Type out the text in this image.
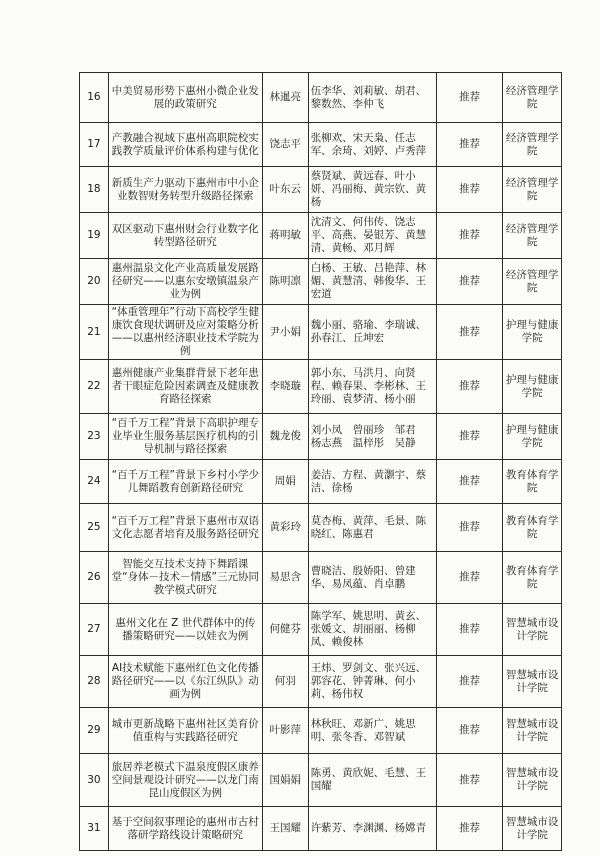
16	中美贸易形势下惠州小微企业发展的政策研究	林暹亮	伍李华、刘莉敏、胡君、黎数然、李仲飞	推荐	经济管理学院
17	产教融合视域下惠州高职院校实践教学质量评价体系构建与优化	饶志平	张柳欢、宋天枭、任志军、余琦、刘婷、卢秀萍	推荐	经济管理学院
18	新质生产力驱动下惠州市中小企业数智财务转型升级路径探索	叶东云	蔡贤斌、黄远春、叶小妍、冯丽梅、黄宗钦、黄杨	推荐	经济管理学院
19	双区驱动下惠州财会行业数字化转型路径研究	蒋明敏	沈清文、何伟传、饶志平、高燕、晏银芳、黄慧清、黄畅、邓月辉	推荐	经济管理学院
20	惠州温泉文化产业高质量发展路径研究——以惠东安墩镇温泉产业为例	陈明凛	白杨、王敏、吕艳萍、林媚、黄慧清、韩俊华、王宏道	推荐	经济管理学院
21	“体重管理年”行动下高校学生健康饮食现状调研及应对策略分析——以惠州经济职业技术学院为例	尹小娟	魏小丽、骆瑜、李瑞诚、孙春江、丘坤宏	推荐	护理与健康学院
22	惠州健康产业集群背景下老年患者干眼症危险因素调查及健康教育路径探索	李晓璇	郭小东、马洪月、向贤程、赖春果、李彬林、王玲丽、袁梦清、杨小丽	推荐	护理与健康学院
23	“百千万工程”背景下高职护理专业毕业生服务基层医疗机构的引导机制与路径探索	魏龙俊	刘小凤　曾丽珍　邹君　杨志燕　温梓彤　吴静	推荐	护理与健康学院
24	“百千万工程”背景下乡村小学少儿舞蹈教育创新路径研究	周娟	姜洁、方程、黄灏宇、蔡洁、徐杨	推荐	教育体育学院
25	“百千万工程”背景下惠州市双语文化志愿者培育及服务路径研究	黄彩玲	莫杏梅、黄萍、毛景、陈晓红、陈惠君	推荐	教育体育学院
26	智能交互技术支持下舞蹈课堂“身体－技术－情感”三元协同教学模式研究	易思含	曹晓洁、殷娇阳、曾建华、易凤蕴、肖卓鹏	推荐	教育体育学院
27	惠州文化在 Z 世代群体中的传播策略研究——以娃衣为例	何健芬	陈学军、姚思明、黄玄、张媛文、胡丽丽、杨柳凤、赖俊林	推荐	智慧城市设计学院
28	AI技术赋能下惠州红色文化传播路径研究——以《东江纵队》动画为例	何羽	王炜、罗剑文、张兴远、郭容花、钟菁琳、何小莉、杨伟权	推荐	智慧城市设计学院
29	城市更新战略下惠州社区美育价值重构与实践路径研究	叶影萍	林秋旺、邓新广、姚思明、张冬香、邓智斌	推荐	智慧城市设计学院
30	旅居养老模式下温泉度假区康养空间景观设计研究——以龙门南昆山度假区为例	国娟娟	陈勇、黄欣妮、毛慧、王国耀	推荐	智慧城市设计学院
31	基于空间叙事理论的惠州市古村落研学路线设计策略研究	王国耀	许紫芳、李渊渊、杨嫦青	推荐	智慧城市设计学院
